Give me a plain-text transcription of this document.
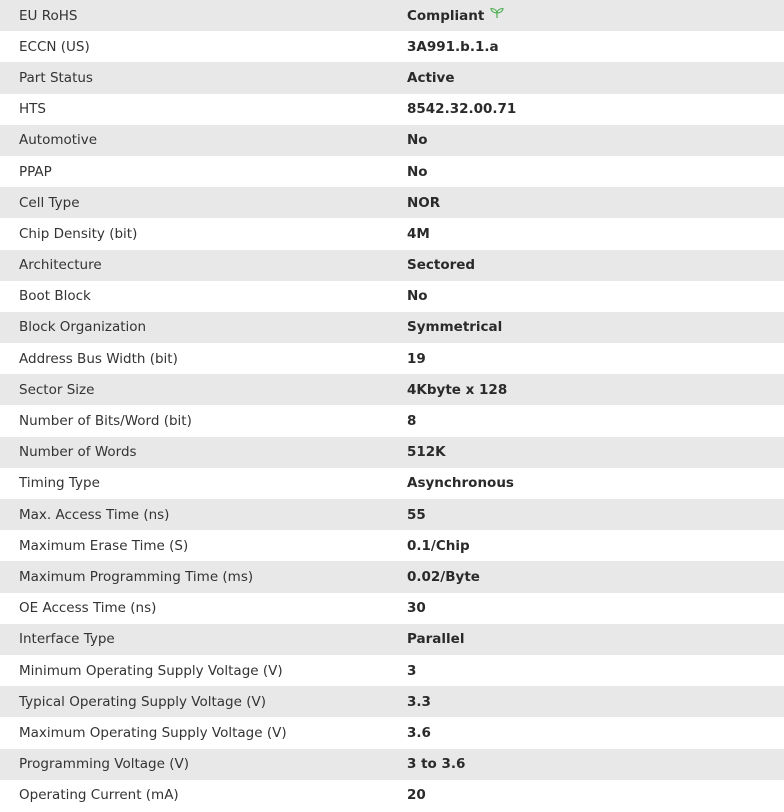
EU RoHS	Compliant
ECCN (US)	3A991.b.1.a
Part Status	Active
HTS	8542.32.00.71
Automotive	No
PPAP	No
Cell Type	NOR
Chip Density (bit)	4M
Architecture	Sectored
Boot Block	No
Block Organization	Symmetrical
Address Bus Width (bit)	19
Sector Size	4Kbyte x 128
Number of Bits/Word (bit)	8
Number of Words	512K
Timing Type	Asynchronous
Max. Access Time (ns)	55
Maximum Erase Time (S)	0.1/Chip
Maximum Programming Time (ms)	0.02/Byte
OE Access Time (ns)	30
Interface Type	Parallel
Minimum Operating Supply Voltage (V)	3
Typical Operating Supply Voltage (V)	3.3
Maximum Operating Supply Voltage (V)	3.6
Programming Voltage (V)	3 to 3.6
Operating Current (mA)	20
